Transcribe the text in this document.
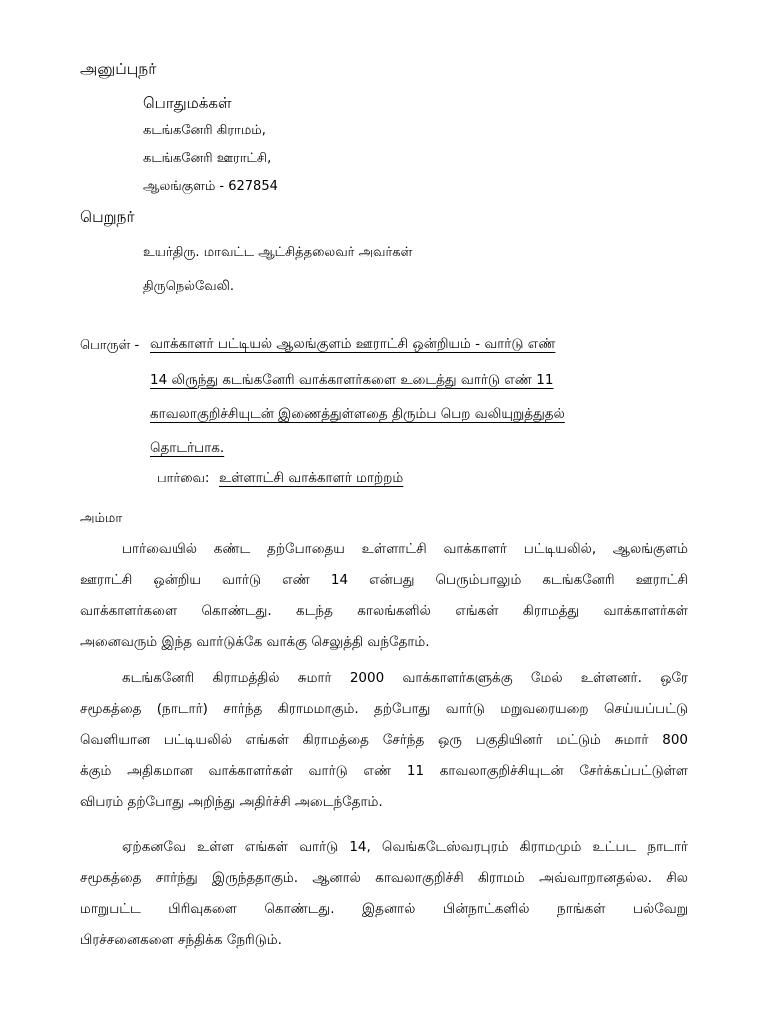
அனுப்புநர்
பொதுமக்கள்
கடங்கனேரி கிராமம்,
கடங்கனேரி ஊராட்சி,
ஆலங்குளம் - 627854
பெறுநர்
உயர்திரு. மாவட்ட ஆட்சித்தலைவர் அவர்கள்
திருநெல்வேலி.
பொருள் - வாக்காளர் பட்டியல் ஆலங்குளம் ஊராட்சி ஒன்றியம் - வார்டு எண்
14 லிருந்து கடங்கனேரி வாக்காளர்களை உடைத்து வார்டு எண் 11
காவலாகுறிச்சியுடன் இணைத்துள்ளதை திரும்ப பெற வலியுறுத்துதல்
தொடர்பாக.
பார்வை: உள்ளாட்சி வாக்காளர் மாற்றம்
அம்மா
பார்வையில் கண்ட தற்போதைய உள்ளாட்சி வாக்காளர் பட்டியலில், ஆலங்குளம்
ஊராட்சி ஒன்றிய வார்டு எண் 14 என்பது பெரும்பாலும் கடங்கனேரி ஊராட்சி
வாக்காளர்களை கொண்டது. கடந்த காலங்களில் எங்கள் கிராமத்து வாக்காளர்கள்
அனைவரும் இந்த வார்டுக்கே வாக்கு செலுத்தி வந்தோம்.
கடங்கனேரி கிராமத்தில் சுமார் 2000 வாக்காளர்களுக்கு மேல் உள்ளனர். ஒரே
சமூகத்தை (நாடார்) சார்ந்த கிராமமாகும். தற்போது வார்டு மறுவரையறை செய்யப்பட்டு
வெளியான பட்டியலில் எங்கள் கிராமத்தை சேர்ந்த ஒரு பகுதியினர் மட்டும் சுமார் 800
க்கும் அதிகமான வாக்காளர்கள் வார்டு எண் 11 காவலாகுறிச்சியுடன் சேர்க்கப்பட்டுள்ள
விபரம் தற்போது அறிந்து அதிர்ச்சி அடைந்தோம்.
ஏற்கனவே உள்ள எங்கள் வார்டு 14, வெங்கடேஸ்வரபுரம் கிராமமும் உட்பட நாடார்
சமூகத்தை சார்ந்து இருந்ததாகும். ஆனால் காவலாகுறிச்சி கிராமம் அவ்வாறானதல்ல. சில
மாறுபட்ட பிரிவுகளை கொண்டது. இதனால் பின்நாட்களில் நாங்கள் பல்வேறு
பிரச்சனைகளை சந்திக்க நேரிடும்.
